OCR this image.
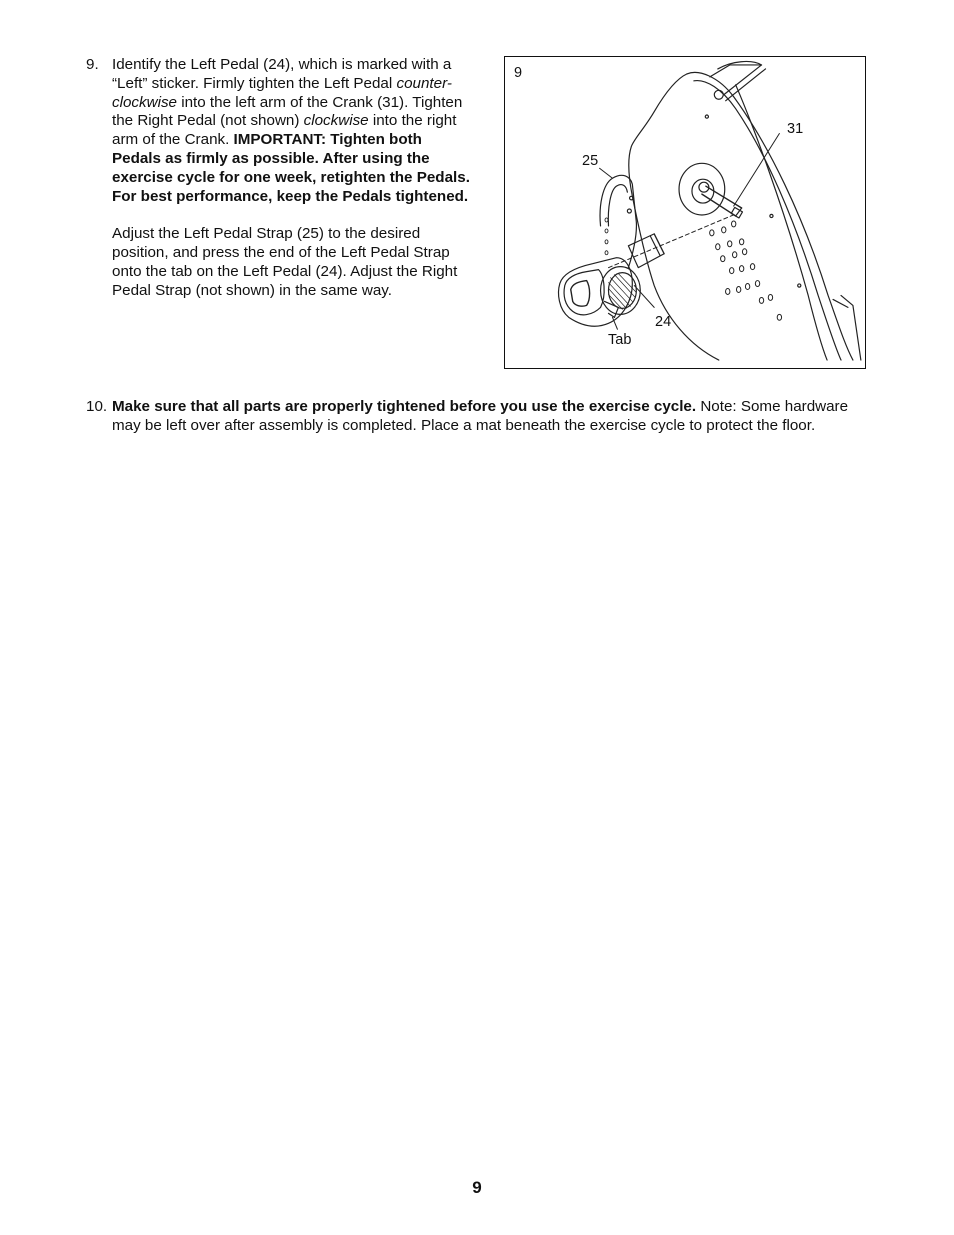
9. Identify the Left Pedal (24), which is marked with a “Left” sticker. Firmly tighten the Left Pedal counter-clockwise into the left arm of the Crank (31). Tighten the Right Pedal (not shown) clockwise into the right arm of the Crank. IMPORTANT: Tighten both Pedals as firmly as possible. After using the exercise cycle for one week, retighten the Pedals. For best performance, keep the Pedals tightened.

Adjust the Left Pedal Strap (25) to the desired position, and press the end of the Left Pedal Strap onto the tab on the Left Pedal (24). Adjust the Right Pedal Strap (not shown) in the same way.

9
31
25
24
Tab
10. Make sure that all parts are properly tightened before you use the exercise cycle. Note: Some hardware may be left over after assembly is completed. Place a mat beneath the exercise cycle to protect the floor.

9
